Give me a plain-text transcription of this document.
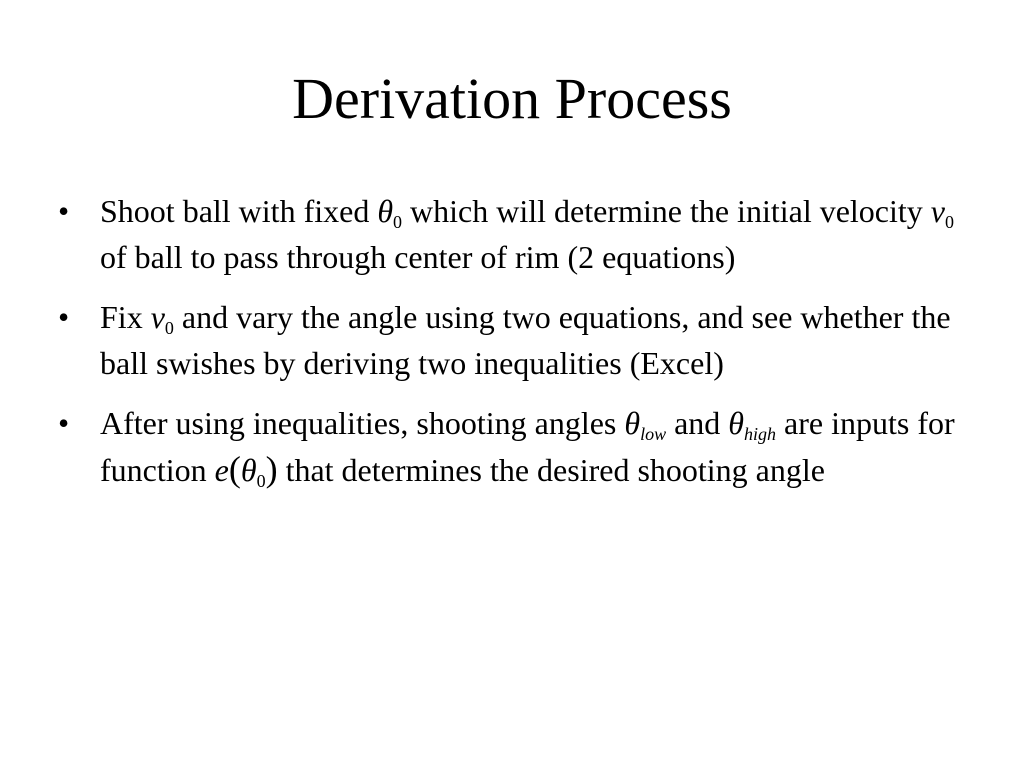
Derivation Process
• Shoot ball with fixed $\theta_0$ which will determine the initial velocity $v_0$ of ball to pass through center of rim (2 equations)
• Fix $v_0$ and vary the angle using two equations, and see whether the ball swishes by deriving two inequalities (Excel)
• After using inequalities, shooting angles $\theta_{low}$ and $\theta_{high}$ are inputs for function $e(\theta_0)$ that determines the desired shooting angle
